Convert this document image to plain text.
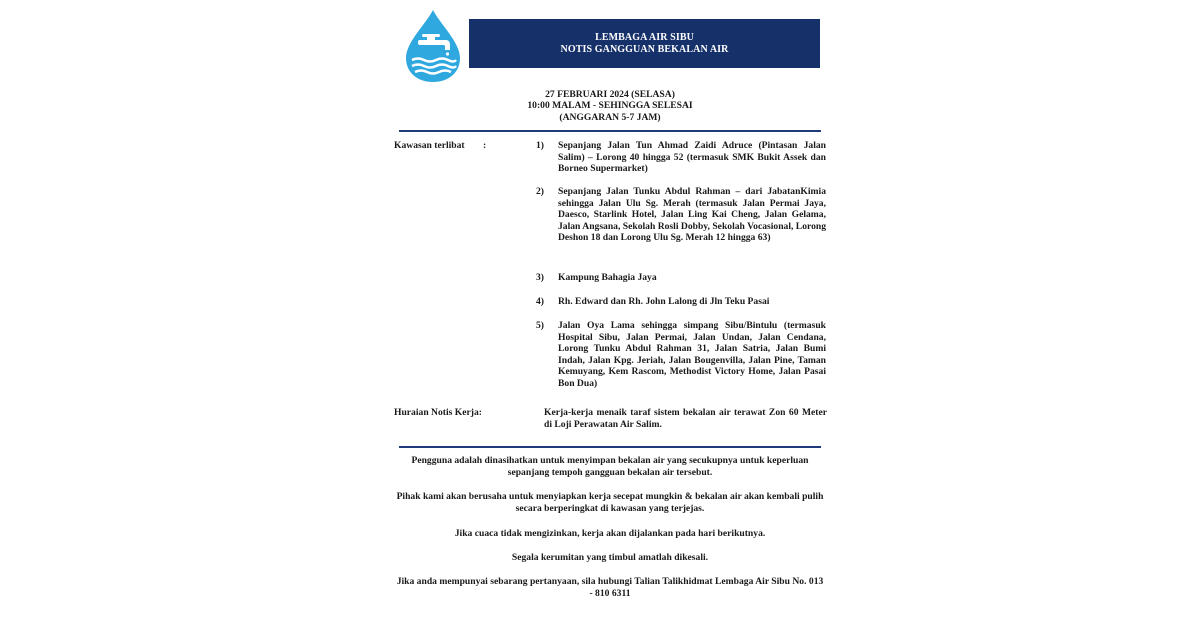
LEMBAGA AIR SIBU
NOTIS GANGGUAN BEKALAN AIR
27 FEBRUARI 2024 (SELASA)
10:00 MALAM - SEHINGGA SELESAI
(ANGGARAN 5-7 JAM)
Kawasan terlibat :	1)	Sepanjang Jalan Tun Ahmad Zaidi Adruce (Pintasan Jalan Salim) – Lorong 40 hingga 52 (termasuk SMK Bukit Assek dan Borneo Supermarket)
2)	Sepanjang Jalan Tunku Abdul Rahman – dari JabatanKimia sehingga Jalan Ulu Sg. Merah (termasuk Jalan Permai Jaya, Daesco, Starlink Hotel, Jalan Ling Kai Cheng, Jalan Gelama, Jalan Angsana, Sekolah Rosli Dobby, Sekolah Vocasional, Lorong Deshon 18 dan Lorong Ulu Sg. Merah 12 hingga 63)
3)	Kampung Bahagia Jaya
4)	Rh. Edward dan Rh. John Lalong di Jln Teku Pasai
5)	Jalan Oya Lama sehingga simpang Sibu/Bintulu (termasuk Hospital Sibu, Jalan Permai, Jalan Undan, Jalan Cendana, Lorong Tunku Abdul Rahman 31, Jalan Satria, Jalan Bumi Indah, Jalan Kpg. Jeriah, Jalan Bougenvilla, Jalan Pine, Taman Kemuyang, Kem Rascom, Methodist Victory Home, Jalan Pasai Bon Dua)
Huraian Notis Kerja:	Kerja-kerja menaik taraf sistem bekalan air terawat Zon 60 Meter di Loji Perawatan Air Salim.
Pengguna adalah dinasihatkan untuk menyimpan bekalan air yang secukupnya untuk keperluan sepanjang tempoh gangguan bekalan air tersebut.
Pihak kami akan berusaha untuk menyiapkan kerja secepat mungkin & bekalan air akan kembali pulih secara berperingkat di kawasan yang terjejas.
Jika cuaca tidak mengizinkan, kerja akan dijalankan pada hari berikutnya.
Segala kerumitan yang timbul amatlah dikesali.
Jika anda mempunyai sebarang pertanyaan, sila hubungi Talian Talikhidmat Lembaga Air Sibu No. 013 - 810 6311
